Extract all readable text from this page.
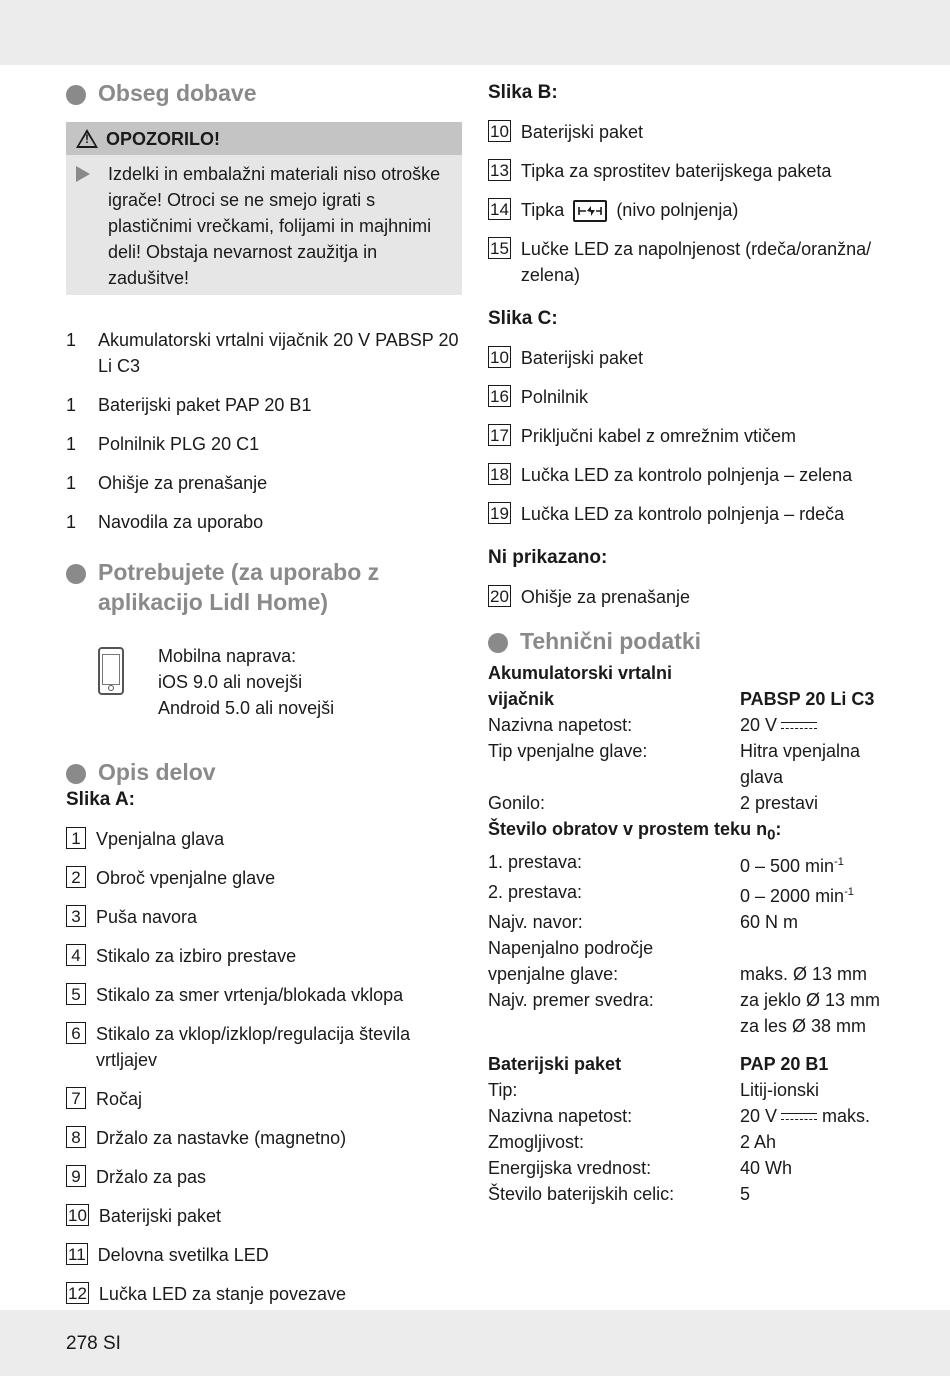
Obseg dobave
!
OPOZORILO!
Izdelki in embalažni materiali niso otroške igrače! Otroci se ne smejo igrati s plastičnimi vrečkami, folijami in majhnimi deli! Obstaja nevarnost zaužitja in zadušitve!
1	Akumulatorski vrtalni vijačnik 20 V PABSP 20 Li C3
1	Baterijski paket PAP 20 B1
1	Polnilnik PLG 20 C1
1	Ohišje za prenašanje
1	Navodila za uporabo
Potrebujete (za uporabo z aplikacijo Lidl Home)
Mobilna naprava:
iOS 9.0 ali novejši
Android 5.0 ali novejši
Opis delov
Slika A:
1 Vpenjalna glava
2 Obroč vpenjalne glave
3 Puša navora
4 Stikalo za izbiro prestave
5 Stikalo za smer vrtenja/blokada vklopa
6 Stikalo za vklop/izklop/regulacija števila vrtljajev
7 Ročaj
8 Držalo za nastavke (magnetno)
9 Držalo za pas
10 Baterijski paket
11 Delovna svetilka LED
12 Lučka LED za stanje povezave
Slika B:
10 Baterijski paket
13 Tipka za sprostitev baterijskega paketa
14 Tipka	(nivo polnjenja)
15 Lučke LED za napolnjenost (rdeča/oranžna/ zelena)
Slika C:
10 Baterijski paket
16 Polnilnik
17 Priključni kabel z omrežnim vtičem
18 Lučka LED za kontrolo polnjenja – zelena
19 Lučka LED za kontrolo polnjenja – rdeča
Ni prikazano:
20 Ohišje za prenašanje
Tehnični podatki
Akumulatorski vrtalni
vijačnik	PABSP 20 Li C3
Nazivna napetost:	20 V
Tip vpenjalne glave:	Hitra vpenjalna glava
Gonilo:	2 prestavi
Število obratov v prostem teku $n_0$:
1. prestava:	0 – 500 $\min^{-1}$
2. prestava:	0 – 2000 $\min^{-1}$
Najv. navor:	60 N m
Napenjalno področje
vpenjalne glave:	maks. Ø 13 mm
Najv. premer svedra:	za jeklo Ø 13 mm
za les Ø 38 mm
Baterijski paket	PAP 20 B1
Tip:	Litij-ionski
Nazivna napetost:	20 V	maks.
Zmogljivost:	2 Ah
Energijska vrednost:	40 Wh
Število baterijskih celic:	5
278 SI
